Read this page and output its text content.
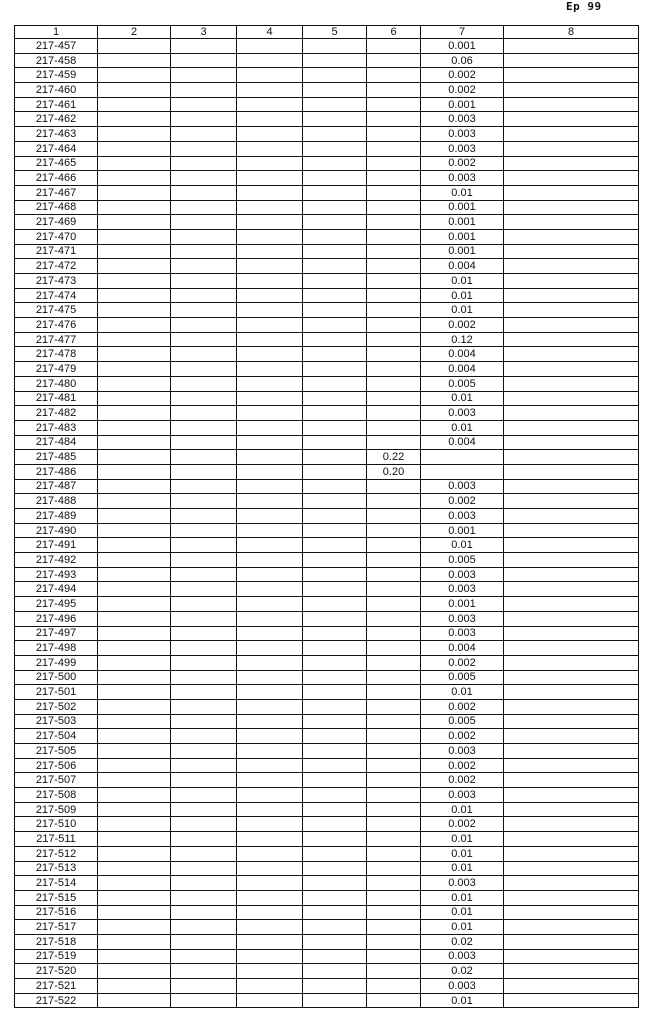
Ep 99
1	2	3	4	5	6	7	8
217-457						0.001	
217-458						0.06	
217-459						0.002	
217-460						0.002	
217-461						0.001	
217-462						0.003	
217-463						0.003	
217-464						0.003	
217-465						0.002	
217-466						0.003	
217-467						0.01	
217-468						0.001	
217-469						0.001	
217-470						0.001	
217-471						0.001	
217-472						0.004	
217-473						0.01	
217-474						0.01	
217-475						0.01	
217-476						0.002	
217-477						0.12	
217-478						0.004	
217-479						0.004	
217-480						0.005	
217-481						0.01	
217-482						0.003	
217-483						0.01	
217-484						0.004	
217-485					0.22		
217-486					0.20		
217-487						0.003	
217-488						0.002	
217-489						0.003	
217-490						0.001	
217-491						0.01	
217-492						0.005	
217-493						0.003	
217-494						0.003	
217-495						0.001	
217-496						0.003	
217-497						0.003	
217-498						0.004	
217-499						0.002	
217-500						0.005	
217-501						0.01	
217-502						0.002	
217-503						0.005	
217-504						0.002	
217-505						0.003	
217-506						0.002	
217-507						0.002	
217-508						0.003	
217-509						0.01	
217-510						0.002	
217-511						0.01	
217-512						0.01	
217-513						0.01	
217-514						0.003	
217-515						0.01	
217-516						0.01	
217-517						0.01	
217-518						0.02	
217-519						0.003	
217-520						0.02	
217-521						0.003	
217-522						0.01	
